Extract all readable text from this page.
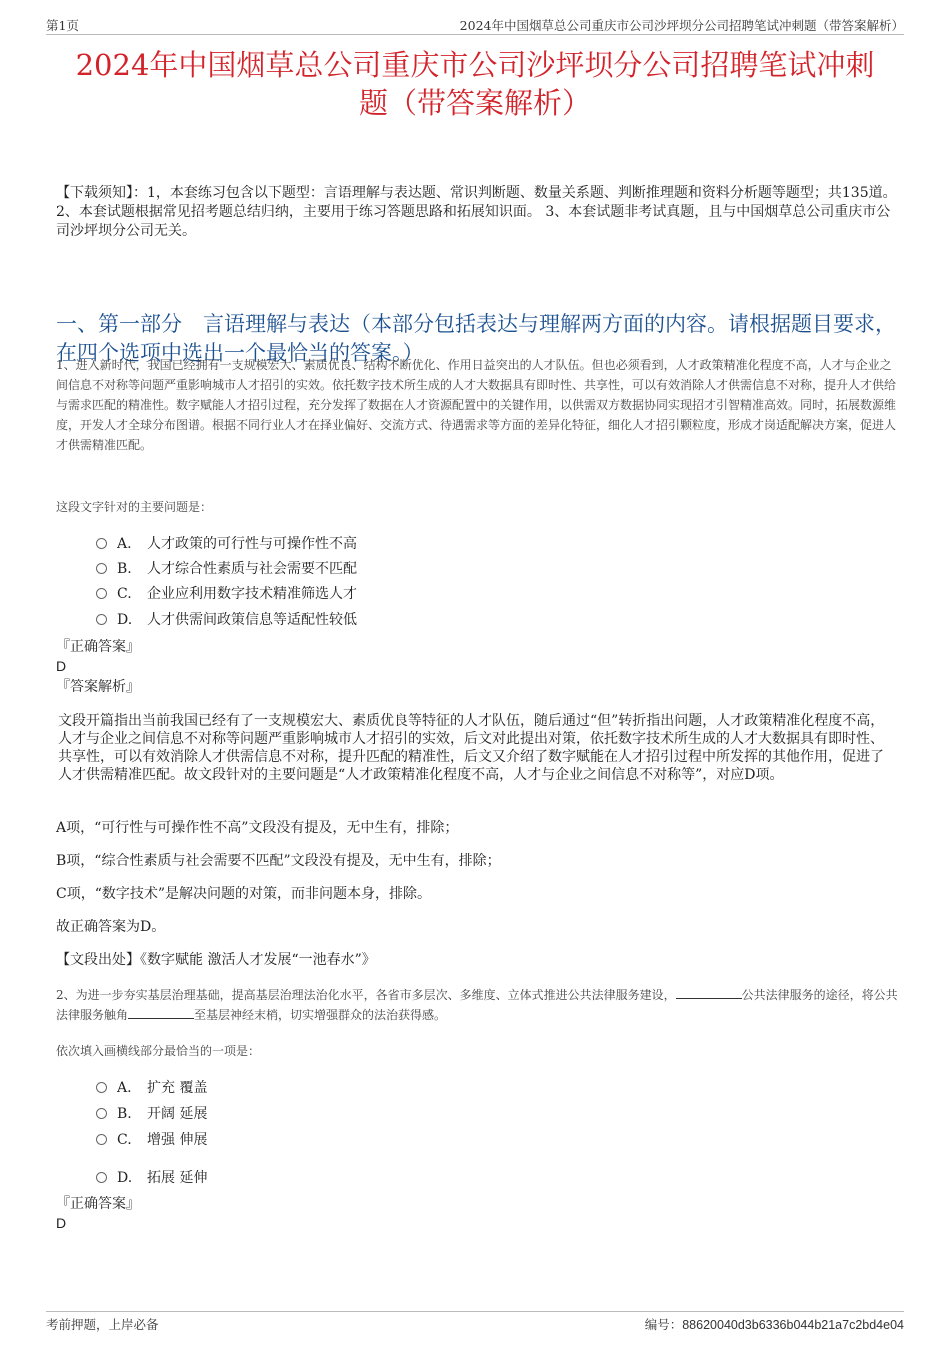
第1页	2024年中国烟草总公司重庆市公司沙坪坝分公司招聘笔试冲刺题（带答案解析）
2024年中国烟草总公司重庆市公司沙坪坝分公司招聘笔试冲刺
题（带答案解析）
【下载须知】：1，本套练习包含以下题型：言语理解与表达题、常识判断题、数量关系题、判断推理题和资料分析题等题型；共135道。 2、本套试题根据常见招考题总结归纳，主要用于练习答题思路和拓展知识面。 3、本套试题非考试真题，且与中国烟草总公司重庆市公司沙坪坝分公司无关。
一、第一部分　言语理解与表达（本部分包括表达与理解两方面的内容。请根据题目要求，在四个选项中选出一个最恰当的答案。）
1、进入新时代，我国已经拥有一支规模宏大、素质优良、结构不断优化、作用日益突出的人才队伍。但也必须看到，人才政策精准化程度不高，人才与企业之间信息不对称等问题严重影响城市人才招引的实效。依托数字技术所生成的人才大数据具有即时性、共享性，可以有效消除人才供需信息不对称，提升人才供给与需求匹配的精准性。数字赋能人才招引过程，充分发挥了数据在人才资源配置中的关键作用，以供需双方数据协同实现招才引智精准高效。同时，拓展数源维度，开发人才全球分布图谱。根据不同行业人才在择业偏好、交流方式、待遇需求等方面的差异化特征，细化人才招引颗粒度，形成才岗适配解决方案，促进人才供需精准匹配。
这段文字针对的主要问题是：
A. 人才政策的可行性与可操作性不高
B. 人才综合性素质与社会需要不匹配
C. 企业应利用数字技术精准筛选人才
D. 人才供需间政策信息等适配性较低
『正确答案』
D
『答案解析』
文段开篇指出当前我国已经有了一支规模宏大、素质优良等特征的人才队伍，随后通过“但”转折指出问题，人才政策精准化程度不高，人才与企业之间信息不对称等问题严重影响城市人才招引的实效，后文对此提出对策，依托数字技术所生成的人才大数据具有即时性、共享性，可以有效消除人才供需信息不对称，提升匹配的精准性，后文又介绍了数字赋能在人才招引过程中所发挥的其他作用，促进了人才供需精准匹配。故文段针对的主要问题是“人才政策精准化程度不高，人才与企业之间信息不对称等”，对应D项。
A项，“可行性与可操作性不高”文段没有提及，无中生有，排除；
B项，“综合性素质与社会需要不匹配”文段没有提及，无中生有，排除；
C项，“数字技术”是解决问题的对策，而非问题本身，排除。
故正确答案为D。
【文段出处】《数字赋能 激活人才发展“一池春水”》
2、为进一步夯实基层治理基础，提高基层治理法治化水平，各省市多层次、多维度、立体式推进公共法律服务建设，	公共法律服务的途径，将公共法律服务触角	至基层神经末梢，切实增强群众的法治获得感。
依次填入画横线部分最恰当的一项是：
A. 扩充 覆盖
B. 开阔 延展
C. 增强 伸展
D. 拓展 延伸
『正确答案』
D
考前押题，上岸必备	编号：88620040d3b6336b044b21a7c2bd4e04
